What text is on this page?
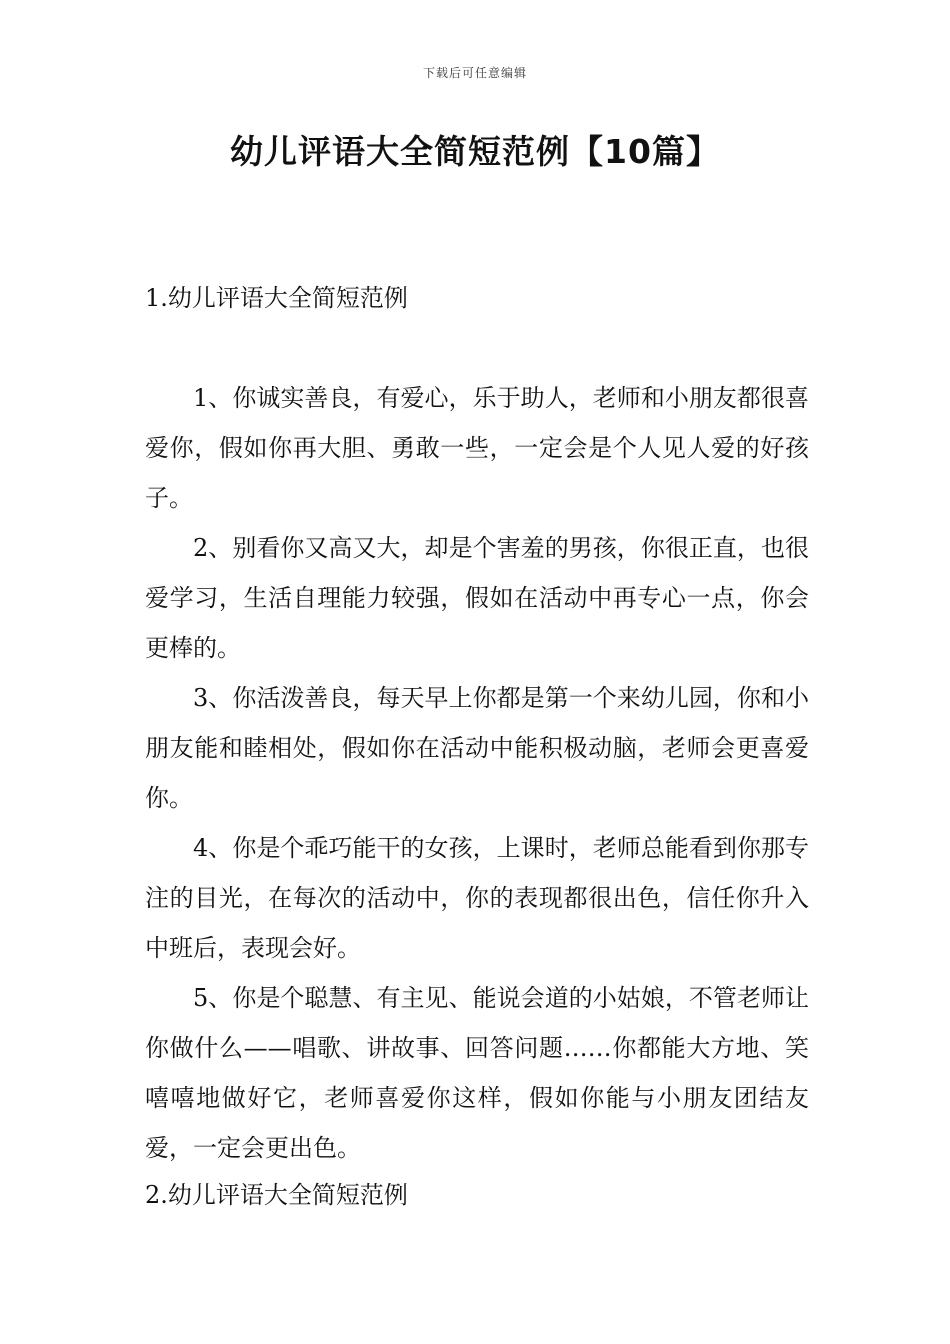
下载后可任意编辑
幼儿评语大全简短范例【10篇】
1.幼儿评语大全简短范例

1、你诚实善良，有爱心，乐于助人，老师和小朋友都很喜爱你，假如你再大胆、勇敢一些，一定会是个人见人爱的好孩子。

2、别看你又高又大，却是个害羞的男孩，你很正直，也很爱学习，生活自理能力较强，假如在活动中再专心一点，你会更棒的。

3、你活泼善良，每天早上你都是第一个来幼儿园，你和小朋友能和睦相处，假如你在活动中能积极动脑，老师会更喜爱你。

4、你是个乖巧能干的女孩，上课时，老师总能看到你那专注的目光，在每次的活动中，你的表现都很出色，信任你升入中班后，表现会好。

5、你是个聪慧、有主见、能说会道的小姑娘，不管老师让你做什么——唱歌、讲故事、回答问题……你都能大方地、笑嘻嘻地做好它，老师喜爱你这样，假如你能与小朋友团结友爱，一定会更出色。

2.幼儿评语大全简短范例
